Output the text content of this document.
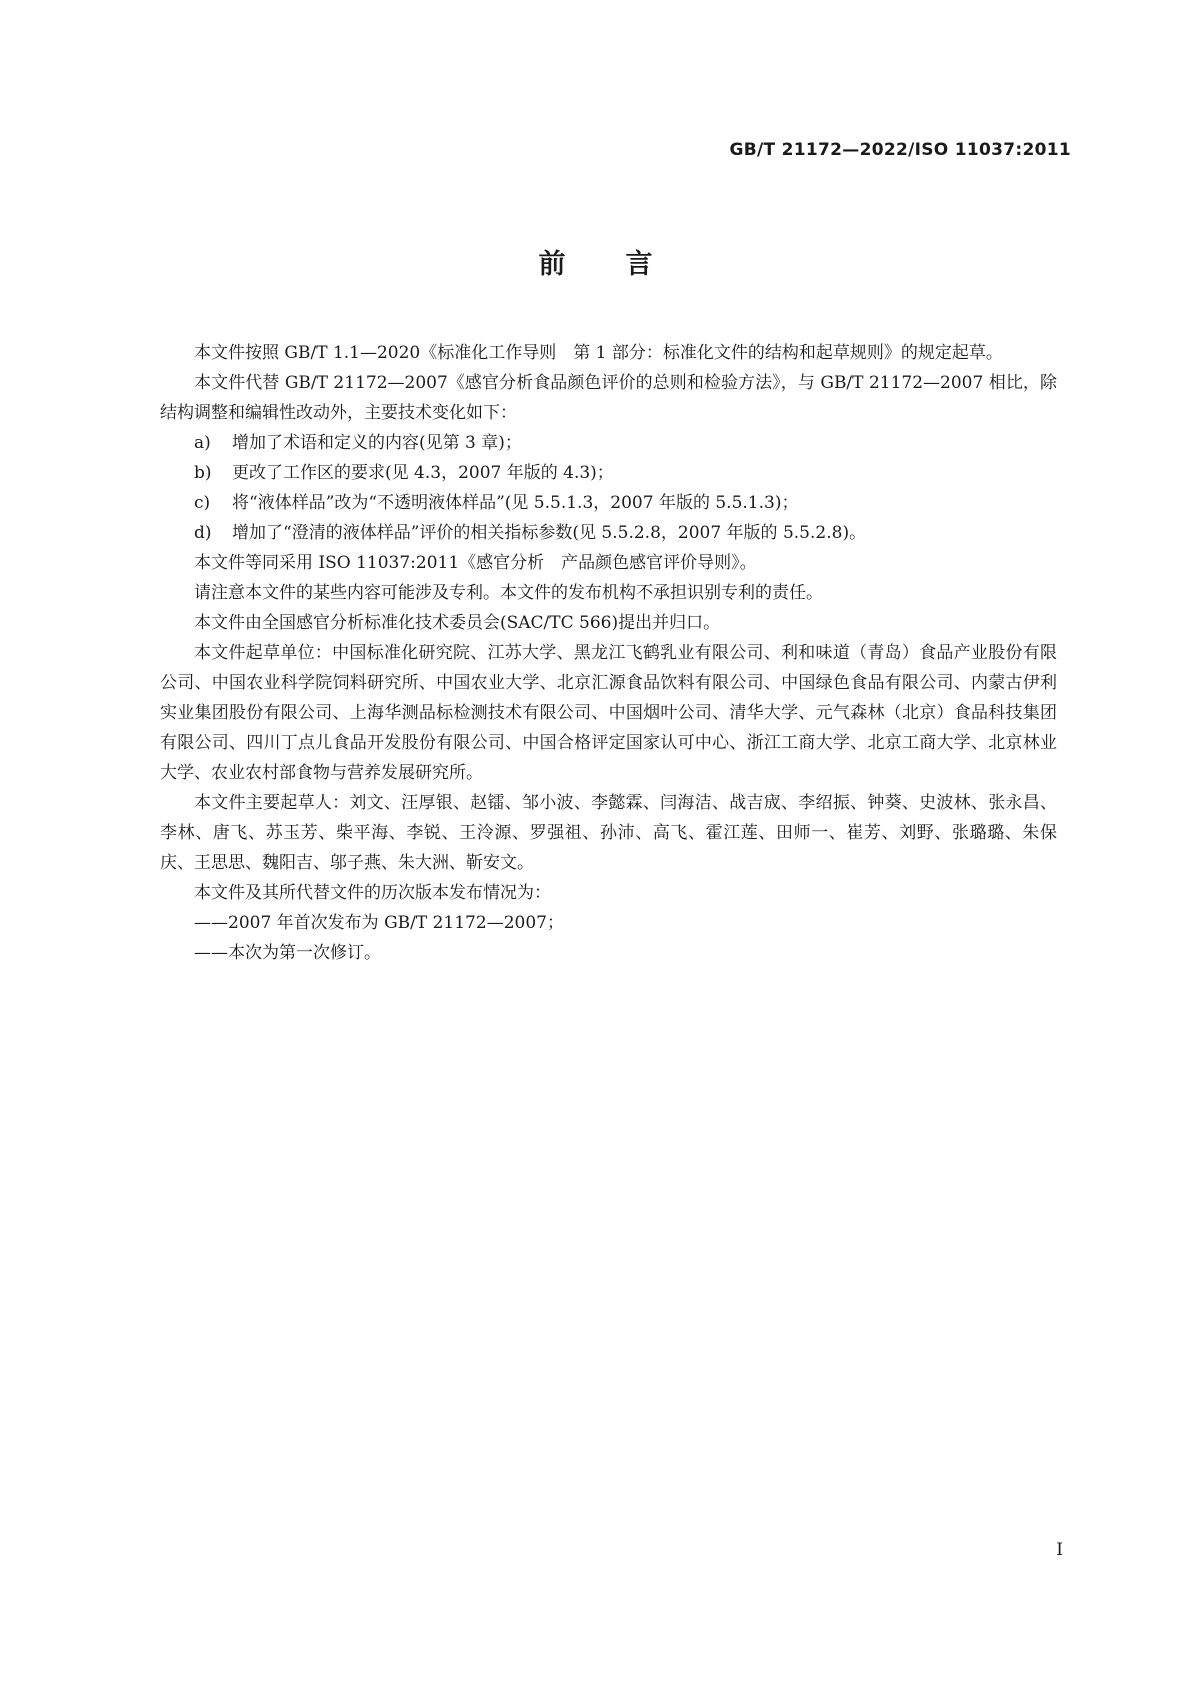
GB/T 21172—2022/ISO 11037:2011
前言

本文件按照 GB/T 1.1—2020《标准化工作导则　第 1 部分：标准化文件的结构和起草规则》的规定起草。

本文件代替 GB/T 21172—2007《感官分析食品颜色评价的总则和检验方法》，与 GB/T 21172—2007 相比，除结构调整和编辑性改动外，主要技术变化如下：

a) 增加了术语和定义的内容(见第 3 章)；

b) 更改了工作区的要求(见 4.3，2007 年版的 4.3)；

c) 将“液体样品”改为“不透明液体样品”(见 5.5.1.3，2007 年版的 5.5.1.3)；

d) 增加了“澄清的液体样品”评价的相关指标参数(见 5.5.2.8，2007 年版的 5.5.2.8)。

本文件等同采用 ISO 11037:2011《感官分析　产品颜色感官评价导则》。

请注意本文件的某些内容可能涉及专利。本文件的发布机构不承担识别专利的责任。

本文件由全国感官分析标准化技术委员会(SAC/TC 566)提出并归口。

本文件起草单位：中国标准化研究院、江苏大学、黑龙江飞鹤乳业有限公司、利和味道（青岛）食品产业股份有限公司、中国农业科学院饲料研究所、中国农业大学、北京汇源食品饮料有限公司、中国绿色食品有限公司、内蒙古伊利实业集团股份有限公司、上海华测品标检测技术有限公司、中国烟叶公司、清华大学、元气森林（北京）食品科技集团有限公司、四川丁点儿食品开发股份有限公司、中国合格评定国家认可中心、浙江工商大学、北京工商大学、北京林业大学、农业农村部食物与营养发展研究所。

本文件主要起草人：刘文、汪厚银、赵镭、邹小波、李懿霖、闫海洁、战吉宬、李绍振、钟葵、史波林、张永昌、李林、唐飞、苏玉芳、柴平海、李锐、王泠源、罗强祖、孙沛、高飞、霍江莲、田师一、崔芳、刘野、张璐璐、朱保庆、王思思、魏阳吉、邬子燕、朱大洲、靳安文。

本文件及其所代替文件的历次版本发布情况为：

——2007 年首次发布为 GB/T 21172—2007；

——本次为第一次修订。

I
